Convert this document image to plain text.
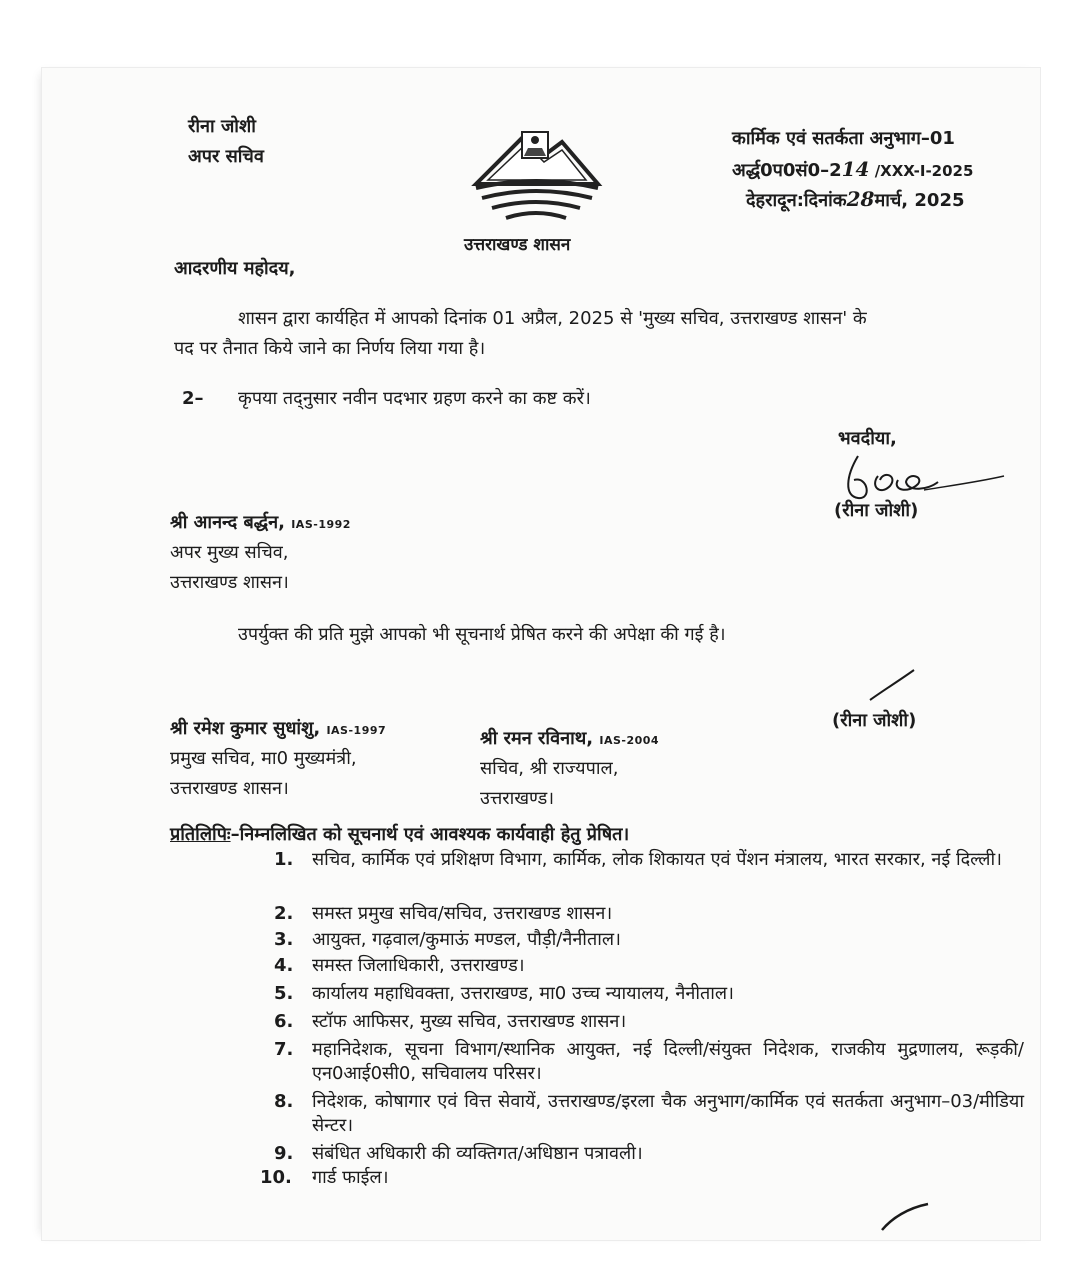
रीना जोशी
अपर सचिव
उत्तराखण्ड शासन
कार्मिक एवं सतर्कता अनुभाग–01
अर्द्ध0प0सं0–214 /XXX-I-2025
देहरादून:दिनांक28मार्च, 2025
आदरणीय महोदय,
शासन द्वारा कार्यहित में आपको दिनांक 01 अप्रैल, 2025 से 'मुख्य सचिव, उत्तराखण्ड शासन' के
पद पर तैनात किये जाने का निर्णय लिया गया है।
2– कृपया तद्नुसार नवीन पदभार ग्रहण करने का कष्ट करें।
भवदीया,
(रीना जोशी)
श्री आनन्द बर्द्धन, IAS-1992
अपर मुख्य सचिव,
उत्तराखण्ड शासन।
उपर्युक्त की प्रति मुझे आपको भी सूचनार्थ प्रेषित करने की अपेक्षा की गई है।
(रीना जोशी)
श्री रमेश कुमार सुधांशु, IAS-1997
प्रमुख सचिव, मा0 मुख्यमंत्री,
उत्तराखण्ड शासन।
श्री रमन रविनाथ, IAS-2004
सचिव, श्री राज्यपाल,
उत्तराखण्ड।
प्रतिलिपिः–निम्नलिखित को सूचनार्थ एवं आवश्यक कार्यवाही हेतु प्रेषित।
1.	सचिव, कार्मिक एवं प्रशिक्षण विभाग, कार्मिक, लोक शिकायत एवं पेंशन मंत्रालय, भारत सरकार, नई दिल्ली।
2.	समस्त प्रमुख सचिव/सचिव, उत्तराखण्ड शासन।
3.	आयुक्त, गढ़वाल/कुमाऊं मण्डल, पौड़ी/नैनीताल।
4.	समस्त जिलाधिकारी, उत्तराखण्ड।
5.	कार्यालय महाधिवक्ता, उत्तराखण्ड, मा0 उच्च न्यायालय, नैनीताल।
6.	स्टॉफ आफिसर, मुख्य सचिव, उत्तराखण्ड शासन।
7.	महानिदेशक, सूचना विभाग/स्थानिक आयुक्त, नई दिल्ली/संयुक्त निदेशक, राजकीय मुद्रणालय, रूड़की/एन0आई0सी0, सचिवालय परिसर।
8.	निदेशक, कोषागार एवं वित्त सेवायें, उत्तराखण्ड/इरला चैक अनुभाग/कार्मिक एवं सतर्कता अनुभाग–03/मीडिया सेन्टर।
9.	संबंधित अधिकारी की व्यक्तिगत/अधिष्ठान पत्रावली।
10. गार्ड फाईल।
